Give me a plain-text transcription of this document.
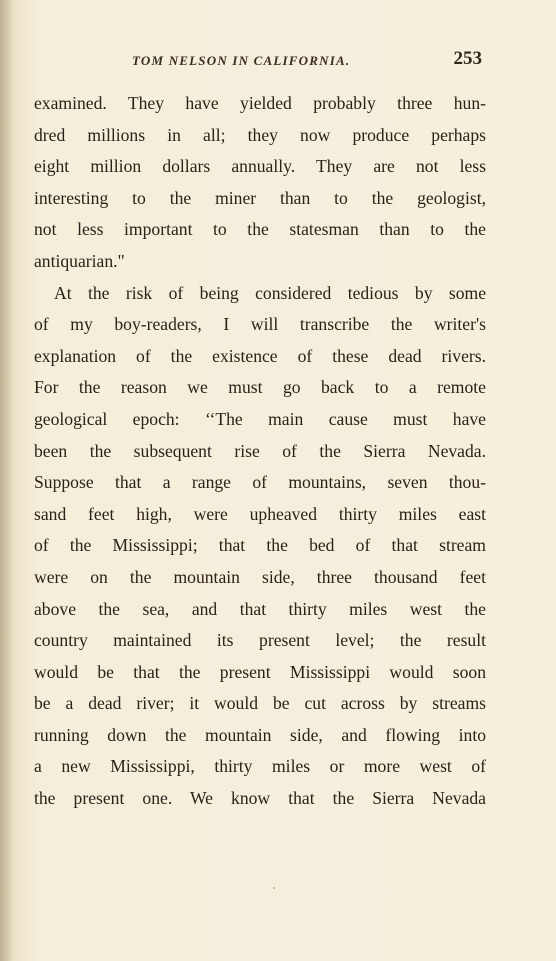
TOM NELSON IN CALIFORNIA.	253
examined. They have yielded probably three hun-
dred millions in all; they now produce perhaps
eight million dollars annually. They are not less
interesting to the miner than to the geologist,
not less important to the statesman than to the
antiquarian."
At the risk of being considered tedious by some
of my boy-readers, I will transcribe the writer's
explanation of the existence of these dead rivers.
For the reason we must go back to a remote
geological epoch: ‘‘The main cause must have
been the subsequent rise of the Sierra Nevada.
Suppose that a range of mountains, seven thou-
sand feet high, were upheaved thirty miles east
of the Mississippi; that the bed of that stream
were on the mountain side, three thousand feet
above the sea, and that thirty miles west the
country maintained its present level; the result
would be that the present Mississippi would soon
be a dead river; it would be cut across by streams
running down the mountain side, and flowing into
a new Mississippi, thirty miles or more west of
the present one. We know that the Sierra Nevada
